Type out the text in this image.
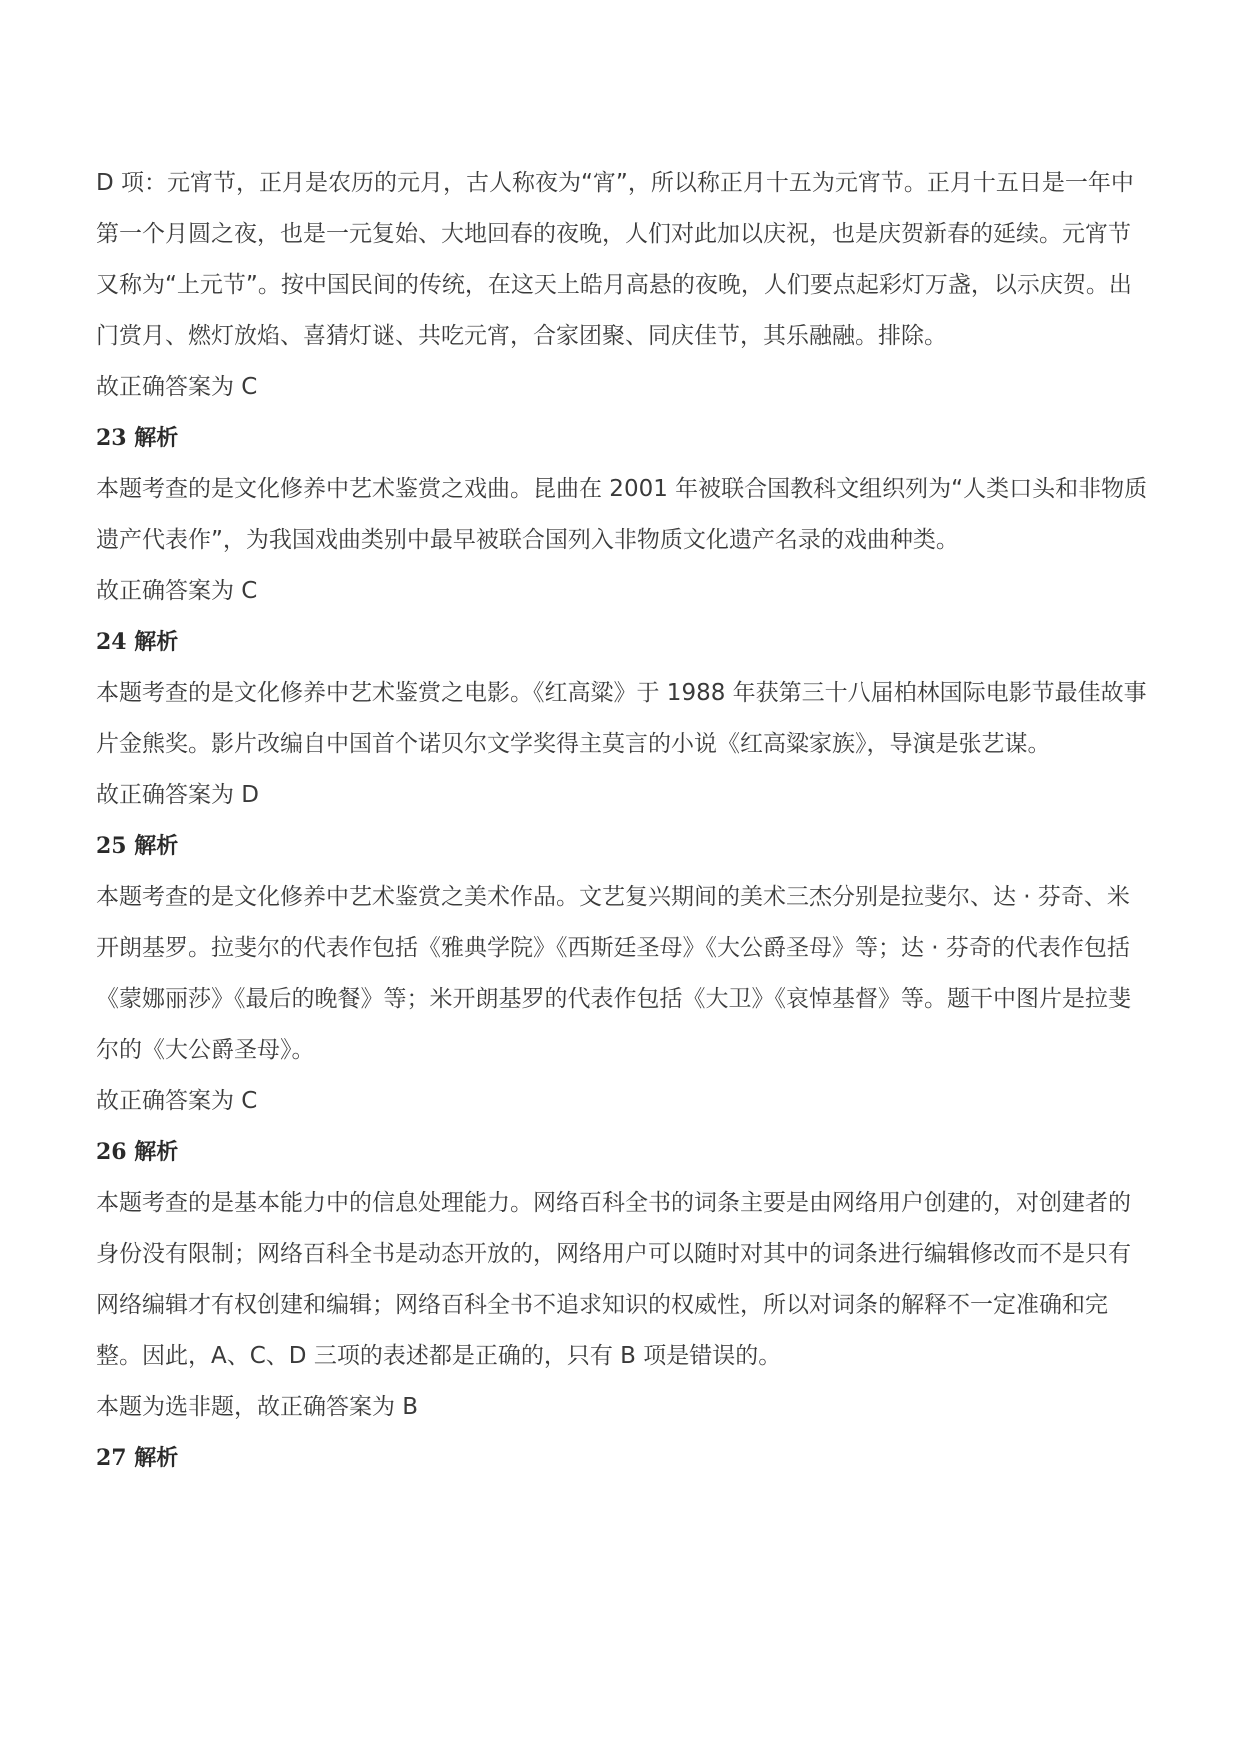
D 项：元宵节，正月是农历的元月，古人称夜为“宵”，所以称正月十五为元宵节。正月十五日是一年中第一个月圆之夜，也是一元复始、大地回春的夜晚，人们对此加以庆祝，也是庆贺新春的延续。元宵节又称为“上元节”。按中国民间的传统，在这天上皓月高悬的夜晚，人们要点起彩灯万盏，以示庆贺。出门赏月、燃灯放焰、喜猜灯谜、共吃元宵，合家团聚、同庆佳节，其乐融融。排除。

故正确答案为 C

23 解析

本题考查的是文化修养中艺术鉴赏之戏曲。昆曲在 2001 年被联合国教科文组织列为“人类口头和非物质遗产代表作”，为我国戏曲类别中最早被联合国列入非物质文化遗产名录的戏曲种类。

故正确答案为 C

24 解析

本题考查的是文化修养中艺术鉴赏之电影。《红高粱》于 1988 年获第三十八届柏林国际电影节最佳故事片金熊奖。影片改编自中国首个诺贝尔文学奖得主莫言的小说《红高粱家族》，导演是张艺谋。

故正确答案为 D

25 解析

本题考查的是文化修养中艺术鉴赏之美术作品。文艺复兴期间的美术三杰分别是拉斐尔、达 · 芬奇、米开朗基罗。拉斐尔的代表作包括《雅典学院》《西斯廷圣母》《大公爵圣母》等；达 · 芬奇的代表作包括《蒙娜丽莎》《最后的晚餐》等；米开朗基罗的代表作包括《大卫》《哀悼基督》等。题干中图片是拉斐尔的《大公爵圣母》。

故正确答案为 C

26 解析

本题考查的是基本能力中的信息处理能力。网络百科全书的词条主要是由网络用户创建的，对创建者的身份没有限制；网络百科全书是动态开放的，网络用户可以随时对其中的词条进行编辑修改而不是只有网络编辑才有权创建和编辑；网络百科全书不追求知识的权威性，所以对词条的解释不一定准确和完整。因此，A、C、D 三项的表述都是正确的，只有 B 项是错误的。

本题为选非题，故正确答案为 B

27 解析
